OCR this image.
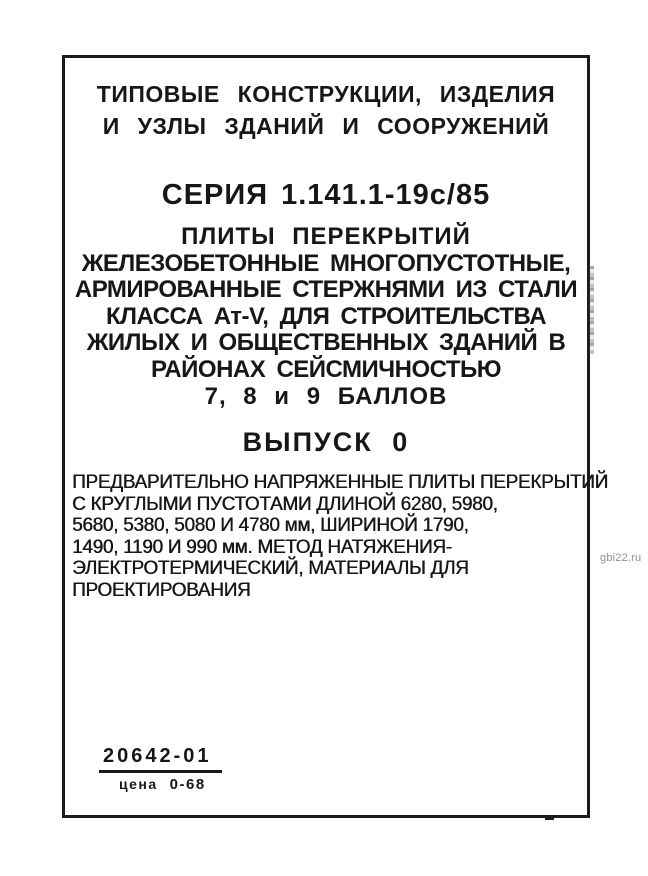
ТИПОВЫЕ КОНСТРУКЦИИ, ИЗДЕЛИЯ
И УЗЛЫ ЗДАНИЙ И СООРУЖЕНИЙ
СЕРИЯ 1.141.1-19с/85
ПЛИТЫ ПЕРЕКРЫТИЙ
ЖЕЛЕЗОБЕТОННЫЕ МНОГОПУСТОТНЫЕ,
АРМИРОВАННЫЕ СТЕРЖНЯМИ ИЗ СТАЛИ
КЛАССА Ат-V, ДЛЯ СТРОИТЕЛЬСТВА
ЖИЛЫХ И ОБЩЕСТВЕННЫХ ЗДАНИЙ В
РАЙОНАХ СЕЙСМИЧНОСТЬЮ
7, 8 и 9 БАЛЛОВ
ВЫПУСК 0
ПРЕДВАРИТЕЛЬНО НАПРЯЖЕННЫЕ ПЛИТЫ ПЕРЕКРЫТИЙ
С КРУГЛЫМИ ПУСТОТАМИ ДЛИНОЙ 6280, 5980,
5680, 5380, 5080 И 4780 мм, ШИРИНОЙ 1790,
1490, 1190 И 990 мм. МЕТОД НАТЯЖЕНИЯ-
ЭЛЕКТРОТЕРМИЧЕСКИЙ, МАТЕРИАЛЫ ДЛЯ
ПРОЕКТИРОВАНИЯ
20642-01
цена 0-68
gbi22.ru
